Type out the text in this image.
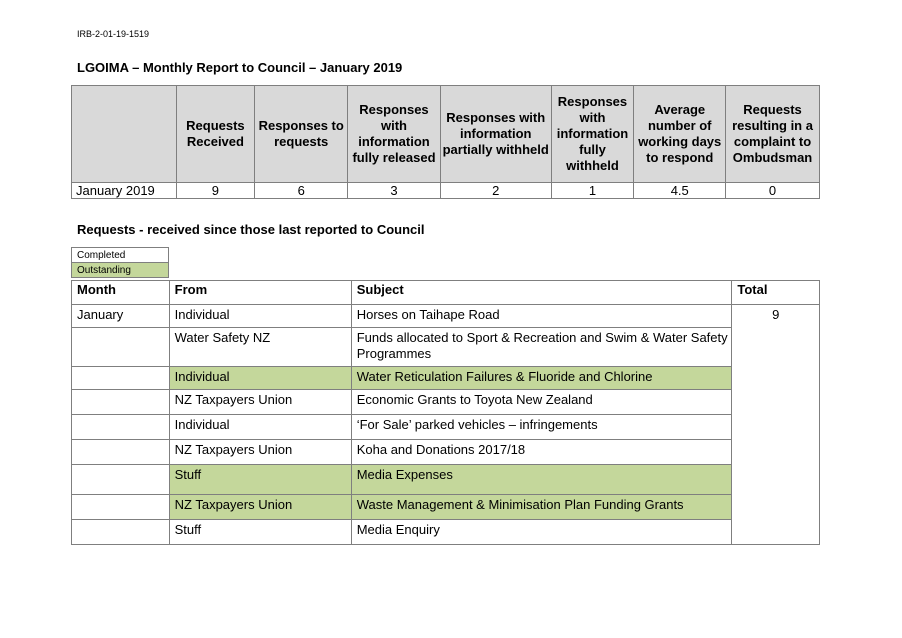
IRB-2-01-19-1519
LGOIMA – Monthly Report to Council – January 2019
	Requests Received	Responses to requests	Responses with information fully released	Responses with information partially withheld	Responses with information fully withheld	Average number of working days to respond	Requests resulting in a complaint to Ombudsman
January 2019	9	6	3	2	1	4.5	0
Requests - received since those last reported to Council
Completed
Outstanding
Month	From	Subject	Total
January	Individual	Horses on Taihape Road	9
	Water Safety NZ	Funds allocated to Sport & Recreation and Swim & Water Safety Programmes	
	Individual	Water Reticulation Failures & Fluoride and Chlorine	
	NZ Taxpayers Union	Economic Grants to Toyota New Zealand	
	Individual	‘For Sale’ parked vehicles – infringements	
	NZ Taxpayers Union	Koha and Donations 2017/18	
	Stuff	Media Expenses	
	NZ Taxpayers Union	Waste Management & Minimisation Plan Funding Grants	
	Stuff	Media Enquiry	
